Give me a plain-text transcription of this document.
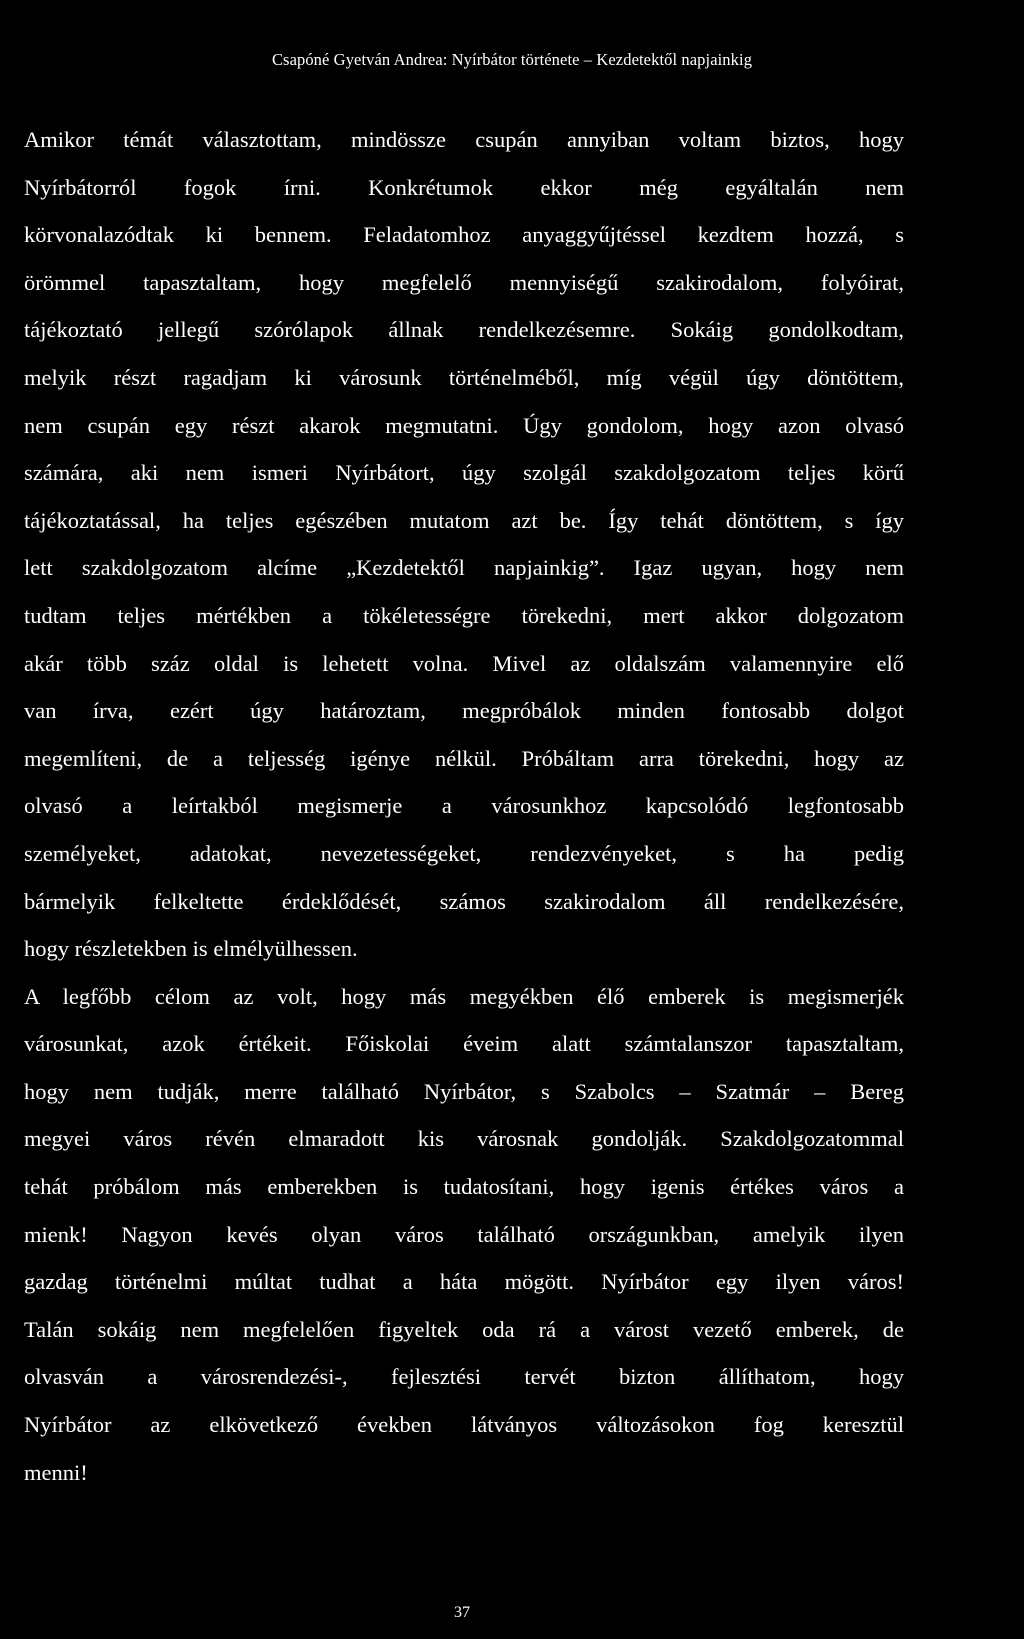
Csapóné Gyetván Andrea: Nyírbátor története – Kezdetektől napjainkig
Amikor témát választottam, mindössze csupán annyiban voltam biztos, hogy
Nyírbátorról fogok írni. Konkrétumok ekkor még egyáltalán nem
körvonalazódtak ki bennem. Feladatomhoz anyaggyűjtéssel kezdtem hozzá, s
örömmel tapasztaltam, hogy megfelelő mennyiségű szakirodalom, folyóirat,
tájékoztató jellegű szórólapok állnak rendelkezésemre. Sokáig gondolkodtam,
melyik részt ragadjam ki városunk történelméből, míg végül úgy döntöttem,
nem csupán egy részt akarok megmutatni. Úgy gondolom, hogy azon olvasó
számára, aki nem ismeri Nyírbátort, úgy szolgál szakdolgozatom teljes körű
tájékoztatással, ha teljes egészében mutatom azt be. Így tehát döntöttem, s így
lett szakdolgozatom alcíme „Kezdetektől napjainkig”. Igaz ugyan, hogy nem
tudtam teljes mértékben a tökéletességre törekedni, mert akkor dolgozatom
akár több száz oldal is lehetett volna. Mivel az oldalszám valamennyire elő
van írva, ezért úgy határoztam, megpróbálok minden fontosabb dolgot
megemlíteni, de a teljesség igénye nélkül. Próbáltam arra törekedni, hogy az
olvasó a leírtakból megismerje a városunkhoz kapcsolódó legfontosabb
személyeket, adatokat, nevezetességeket, rendezvényeket, s ha pedig
bármelyik felkeltette érdeklődését, számos szakirodalom áll rendelkezésére,
hogy részletekben is elmélyülhessen.
A legfőbb célom az volt, hogy más megyékben élő emberek is megismerjék
városunkat, azok értékeit. Főiskolai éveim alatt számtalanszor tapasztaltam,
hogy nem tudják, merre található Nyírbátor, s Szabolcs – Szatmár – Bereg
megyei város révén elmaradott kis városnak gondolják. Szakdolgozatommal
tehát próbálom más emberekben is tudatosítani, hogy igenis értékes város a
mienk! Nagyon kevés olyan város található országunkban, amelyik ilyen
gazdag történelmi múltat tudhat a háta mögött. Nyírbátor egy ilyen város!
Talán sokáig nem megfelelően figyeltek oda rá a várost vezető emberek, de
olvasván a városrendezési-, fejlesztési tervét bizton állíthatom, hogy
Nyírbátor az elkövetkező években látványos változásokon fog keresztül
menni!
37
